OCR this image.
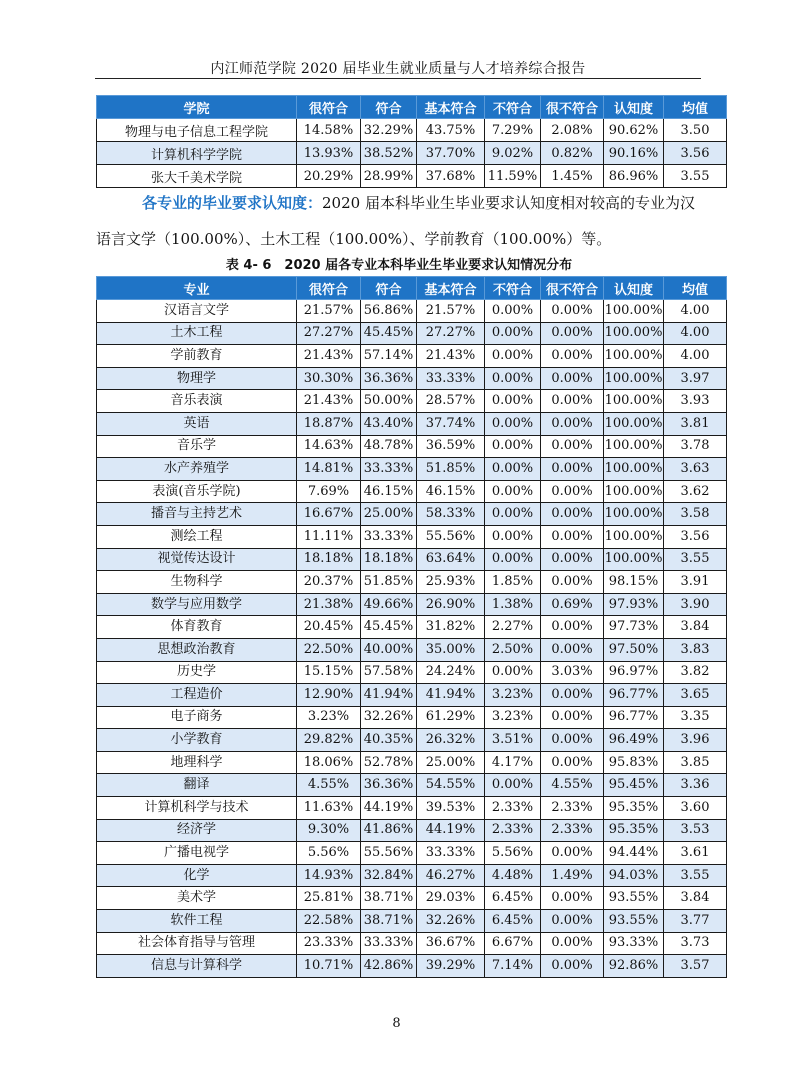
内江师范学院 2020 届毕业生就业质量与人才培养综合报告
学院	很符合	符合	基本符合	不符合	很不符合	认知度	均值
物理与电子信息工程学院	14.58%	32.29%	43.75%	7.29%	2.08%	90.62%	3.50
计算机科学学院	13.93%	38.52%	37.70%	9.02%	0.82%	90.16%	3.56
张大千美术学院	20.29%	28.99%	37.68%	11.59%	1.45%	86.96%	3.55
各专业的毕业要求认知度：2020 届本科毕业生毕业要求认知度相对较高的专业为汉语言文学（100.00%）、土木工程（100.00%）、学前教育（100.00%）等。
表 4- 6　2020 届各专业本科毕业生毕业要求认知情况分布
专业	很符合	符合	基本符合	不符合	很不符合	认知度	均值
汉语言文学	21.57%	56.86%	21.57%	0.00%	0.00%	100.00%	4.00
土木工程	27.27%	45.45%	27.27%	0.00%	0.00%	100.00%	4.00
学前教育	21.43%	57.14%	21.43%	0.00%	0.00%	100.00%	4.00
物理学	30.30%	36.36%	33.33%	0.00%	0.00%	100.00%	3.97
音乐表演	21.43%	50.00%	28.57%	0.00%	0.00%	100.00%	3.93
英语	18.87%	43.40%	37.74%	0.00%	0.00%	100.00%	3.81
音乐学	14.63%	48.78%	36.59%	0.00%	0.00%	100.00%	3.78
水产养殖学	14.81%	33.33%	51.85%	0.00%	0.00%	100.00%	3.63
表演(音乐学院)	7.69%	46.15%	46.15%	0.00%	0.00%	100.00%	3.62
播音与主持艺术	16.67%	25.00%	58.33%	0.00%	0.00%	100.00%	3.58
测绘工程	11.11%	33.33%	55.56%	0.00%	0.00%	100.00%	3.56
视觉传达设计	18.18%	18.18%	63.64%	0.00%	0.00%	100.00%	3.55
生物科学	20.37%	51.85%	25.93%	1.85%	0.00%	98.15%	3.91
数学与应用数学	21.38%	49.66%	26.90%	1.38%	0.69%	97.93%	3.90
体育教育	20.45%	45.45%	31.82%	2.27%	0.00%	97.73%	3.84
思想政治教育	22.50%	40.00%	35.00%	2.50%	0.00%	97.50%	3.83
历史学	15.15%	57.58%	24.24%	0.00%	3.03%	96.97%	3.82
工程造价	12.90%	41.94%	41.94%	3.23%	0.00%	96.77%	3.65
电子商务	3.23%	32.26%	61.29%	3.23%	0.00%	96.77%	3.35
小学教育	29.82%	40.35%	26.32%	3.51%	0.00%	96.49%	3.96
地理科学	18.06%	52.78%	25.00%	4.17%	0.00%	95.83%	3.85
翻译	4.55%	36.36%	54.55%	0.00%	4.55%	95.45%	3.36
计算机科学与技术	11.63%	44.19%	39.53%	2.33%	2.33%	95.35%	3.60
经济学	9.30%	41.86%	44.19%	2.33%	2.33%	95.35%	3.53
广播电视学	5.56%	55.56%	33.33%	5.56%	0.00%	94.44%	3.61
化学	14.93%	32.84%	46.27%	4.48%	1.49%	94.03%	3.55
美术学	25.81%	38.71%	29.03%	6.45%	0.00%	93.55%	3.84
软件工程	22.58%	38.71%	32.26%	6.45%	0.00%	93.55%	3.77
社会体育指导与管理	23.33%	33.33%	36.67%	6.67%	0.00%	93.33%	3.73
信息与计算科学	10.71%	42.86%	39.29%	7.14%	0.00%	92.86%	3.57
8
